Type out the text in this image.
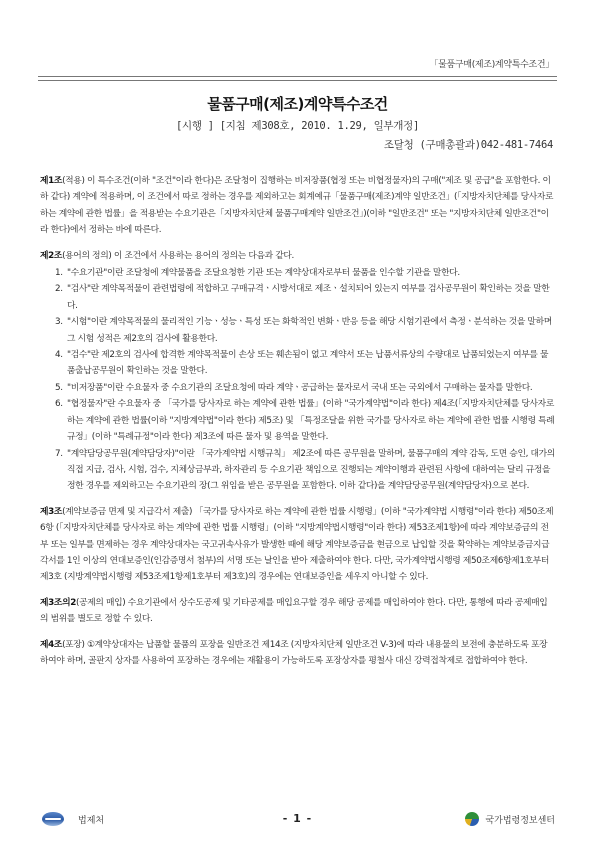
「물품구매(제조)계약특수조건」
물품구매(제조)계약특수조건
[시행 ] [지침 제308호, 2010. 1.29, 일부개정]
조달청 (구매총괄과)042-481-7464

제1조(적용) 이 특수조건(이하 "조건"이라 한다)은 조달청이 집행하는 비저장품(협정 또는 비협정물자)의 구매("제조 및 공급"을 포함한다. 이하 같다) 계약에 적용하며, 이 조건에서 따로 정하는 경우를 제외하고는 회계예규「물품구매(제조)계약 일반조건」(「지방자치단체를 당사자로 하는 계약에 관한 법률」을 적용받는 수요기관은「지방자치단체 물품구매계약 일반조건」)(이하 "일반조건" 또는 "지방자치단체 일반조건"이라 한다)에서 정하는 바에 따른다.

제2조(용어의 정의) 이 조건에서 사용하는 용어의 정의는 다음과 같다.

1. "수요기관"이란 조달청에 계약물품을 조달요청한 기관 또는 계약상대자로부터 물품을 인수할 기관을 말한다.
2. "검사"란 계약목적물이 관련법령에 적합하고 구매규격ㆍ시방서대로 제조ㆍ설치되어 있는지 여부를 검사공무원이 확인하는 것을 말한다.
3. "시험"이란 계약목적물의 물리적인 기능ㆍ성능ㆍ특성 또는 화학적인 변화ㆍ반응 등을 해당 시험기관에서 측정ㆍ분석하는 것을 말하며 그 시험 성적은 제2호의 검사에 활용한다.
4. "검수"란 제2호의 검사에 합격한 계약목적물이 손상 또는 훼손됨이 없고 계약서 또는 납품서류상의 수량대로 납품되었는지 여부를 물품출납공무원이 확인하는 것을 말한다.
5. "비저장품"이란 수요물자 중 수요기관의 조달요청에 따라 계약ㆍ공급하는 물자로서 국내 또는 국외에서 구매하는 물자를 말한다.
6. "협정물자"란 수요물자 중 「국가를 당사자로 하는 계약에 관한 법률」(이하 "국가계약법"이라 한다) 제4조(「지방자치단체를 당사자로 하는 계약에 관한 법률(이하 "지방계약법"이라 한다) 제5조) 및 「특정조달을 위한 국가를 당사자로 하는 계약에 관한 법률 시행령 특례규정」(이하 "특례규정"이라 한다) 제3조에 따른 물자 및 용역을 말한다.
7. "계약담당공무원(계약담당자)"이란 「국가계약법 시행규칙」 제2조에 따른 공무원을 말하며, 물품구매의 계약 감독, 도면 승인, 대가의 직접 지급, 검사, 시험, 검수, 지체상금부과, 하자관리 등 수요기관 책임으로 진행되는 계약이행과 관련된 사항에 대하여는 달리 규정을 정한 경우를 제외하고는 수요기관의 장(그 위임을 받은 공무원을 포함한다. 이하 같다)을 계약담당공무원(계약담당자)으로 본다.

제3조(계약보증금 면제 및 지급각서 제출) 「국가를 당사자로 하는 계약에 관한 법률 시행령」(이하 "국가계약법 시행령"이라 한다) 제50조제6항 (「지방자치단체를 당사자로 하는 계약에 관한 법률 시행령」(이하 "지방계약법시행령"이라 한다) 제53조제1항)에 따라 계약보증금의 전부 또는 일부를 면제하는 경우 계약상대자는 국고귀속사유가 발생한 때에 해당 계약보증금을 현금으로 납입할 것을 확약하는 계약보증금지급각서를 1인 이상의 연대보증인(인감증명서 첨부)의 서명 또는 날인을 받아 제출하여야 한다. 다만, 국가계약법시행령 제50조제6항제1호부터 제3호 (지방계약법시행령 제53조제1항제1호부터 제3호)의 경우에는 연대보증인을 세우지 아니할 수 있다.

제3조의2(공제의 매입) 수요기관에서 상수도공제 및 기타공제를 매입요구할 경우 해당 공제를 매입하여야 한다. 다만, 통행에 따라 공제매입의 범위를 별도로 정할 수 있다.

제4조(포장) ①계약상대자는 납품할 물품의 포장을 일반조건 제14조 (지방자치단체 일반조건 V-3)에 따라 내용물의 보전에 충분하도록 포장하여야 하며, 골판지 상자를 사용하여 포장하는 경우에는 재활용이 가능하도록 포장상자를 평철사 대신 강력접착제로 접합하여야 한다.

법제처	- 1 -	국가법령정보센터
